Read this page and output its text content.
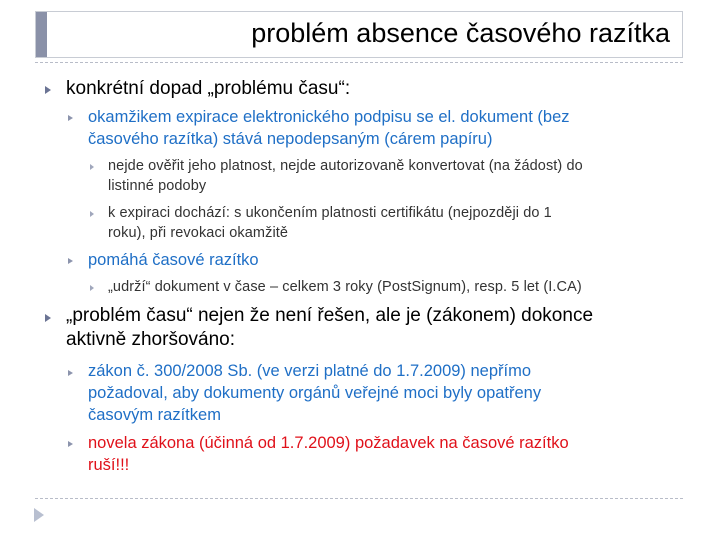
problém absence časového razítka
konkrétní dopad „problému času“:
okamžikem expirace elektronického podpisu se el. dokument (bez
časového razítka) stává nepodepsaným (cárem papíru)
nejde ověřit jeho platnost, nejde autorizovaně konvertovat (na žádost) do
listinné podoby
k expiraci dochází: s ukončením platnosti certifikátu (nejpozději do 1
roku), při revokaci okamžitě
pomáhá časové razítko
„udrží“ dokument v čase – celkem 3 roky (PostSignum), resp. 5 let (I.CA)
„problém času“ nejen že není řešen, ale je (zákonem) dokonce
aktivně zhoršováno:
zákon č. 300/2008 Sb. (ve verzi platné do 1.7.2009) nepřímo
požadoval, aby dokumenty orgánů veřejné moci byly opatřeny
časovým razítkem
novela zákona (účinná od 1.7.2009) požadavek na časové razítko
ruší!!!
